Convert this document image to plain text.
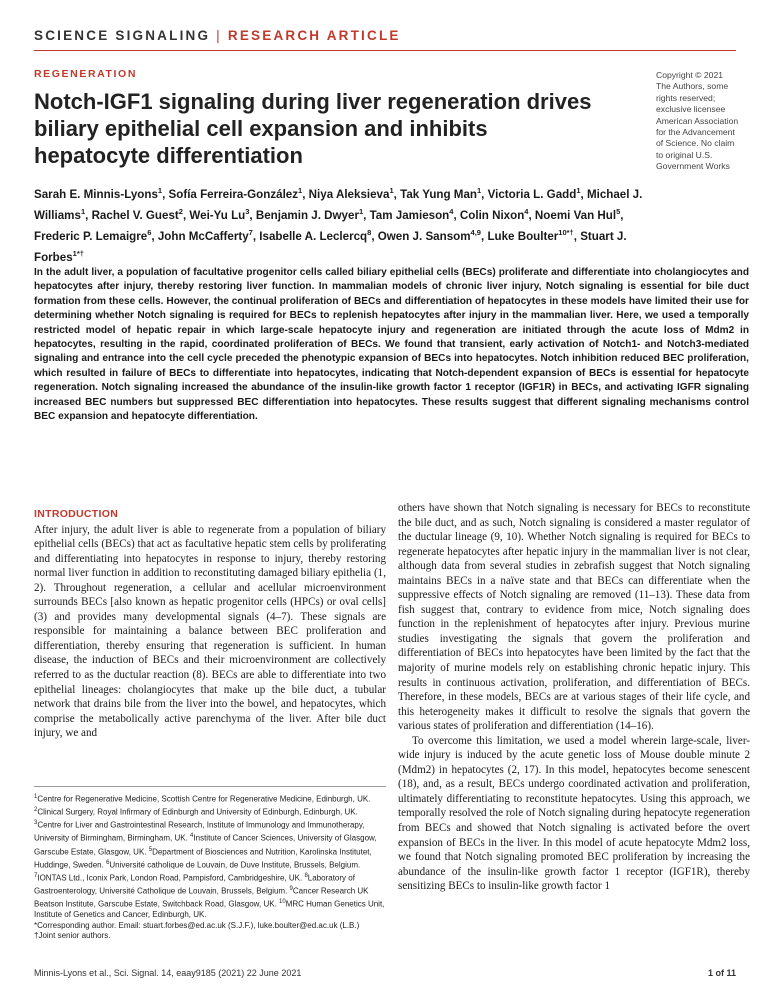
SCIENCE SIGNALING | RESEARCH ARTICLE
REGENERATION	Copyright © 2021
The Authors, some
rights reserved;
exclusive licensee
American Association
for the Advancement
of Science. No claim
to original U.S.
Government Works
Notch-IGF1 signaling during liver regeneration drives
biliary epithelial cell expansion and inhibits
hepatocyte differentiation
Sarah E. Minnis-Lyons$^1$, Sofía Ferreira-González$^1$, Niya Aleksieva$^1$, Tak Yung Man$^1$, Victoria L. Gadd$^1$, Michael J. Williams$^1$, Rachel V. Guest$^2$, Wei-Yu Lu$^3$, Benjamin J. Dwyer$^1$, Tam Jamieson$^4$, Colin Nixon$^4$, Noemi Van Hul$^5$, Frederic P. Lemaigre$^6$, John McCafferty$^7$, Isabelle A. Leclercq$^8$, Owen J. Sansom$^{4,9}$, Luke Boulter$^{10*\dagger}$, Stuart J. Forbes$^{1*\dagger}$

In the adult liver, a population of facultative progenitor cells called biliary epithelial cells (BECs) proliferate and differentiate into cholangiocytes and hepatocytes after injury, thereby restoring liver function. In mammalian models of chronic liver injury, Notch signaling is essential for bile duct formation from these cells. However, the continual proliferation of BECs and differentiation of hepatocytes in these models have limited their use for determining whether Notch signaling is required for BECs to replenish hepatocytes after injury in the mammalian liver. Here, we used a temporally restricted model of hepatic repair in which large-scale hepatocyte injury and regeneration are initiated through the acute loss of Mdm2 in hepatocytes, resulting in the rapid, coordinated proliferation of BECs. We found that transient, early activation of Notch1- and Notch3-mediated signaling and entrance into the cell cycle preceded the phenotypic expansion of BECs into hepatocytes. Notch inhibition reduced BEC proliferation, which resulted in failure of BECs to differentiate into hepatocytes, indicating that Notch-dependent expansion of BECs is essential for hepatocyte regeneration. Notch signaling increased the abundance of the insulin-like growth factor 1 receptor (IGF1R) in BECs, and activating IGFR signaling increased BEC numbers but suppressed BEC differentiation into hepatocytes. These results suggest that different signaling mechanisms control BEC expansion and hepatocyte differentiation.

INTRODUCTION

After injury, the adult liver is able to regenerate from a population of biliary epithelial cells (BECs) that act as facultative hepatic stem cells by proliferating and differentiating into hepatocytes in response to injury, thereby restoring normal liver function in addition to reconstituting damaged biliary epithelia (1, 2). Throughout regeneration, a cellular and acellular microenvironment surrounds BECs [also known as hepatic progenitor cells (HPCs) or oval cells] (3) and provides many developmental signals (4–7). These signals are responsible for maintaining a balance between BEC proliferation and differentiation, thereby ensuring that regeneration is sufficient. In human disease, the induction of BECs and their microenvironment are collectively referred to as the ductular reaction (8). BECs are able to differentiate into two epithelial lineages: cholangiocytes that make up the bile duct, a tubular network that drains bile from the liver into the bowel, and hepatocytes, which comprise the metabolically active parenchyma of the liver. After bile duct injury, we and

$^1$Centre for Regenerative Medicine, Scottish Centre for Regenerative Medicine, Edinburgh, UK. $^2$Clinical Surgery, Royal Infirmary of Edinburgh and University of Edinburgh, Edinburgh, UK. $^3$Centre for Liver and Gastrointestinal Research, Institute of Immunology and Immunotherapy, University of Birmingham, Birmingham, UK. $^4$Institute of Cancer Sciences, University of Glasgow, Garscube Estate, Glasgow, UK. $^5$Department of Biosciences and Nutrition, Karolinska Institutet, Huddinge, Sweden. $^6$Université catholique de Louvain, de Duve Institute, Brussels, Belgium. $^7$IONTAS Ltd., Iconix Park, London Road, Pampisford, Cambridgeshire, UK. $^8$Laboratory of Gastroenterology, Université Catholique de Louvain, Brussels, Belgium. $^9$Cancer Research UK Beatson Institute, Garscube Estate, Switchback Road, Glasgow, UK. $^{10}$MRC Human Genetics Unit, Institute of Genetics and Cancer, Edinburgh, UK.
*Corresponding author. Email: stuart.forbes@ed.ac.uk (S.J.F.), luke.boulter@ed.ac.uk (L.B.)
†Joint senior authors.

others have shown that Notch signaling is necessary for BECs to reconstitute the bile duct, and as such, Notch signaling is considered a master regulator of the ductular lineage (9, 10). Whether Notch signaling is required for BECs to regenerate hepatocytes after hepatic injury in the mammalian liver is not clear, although data from several studies in zebrafish suggest that Notch signaling maintains BECs in a naïve state and that BECs can differentiate when the suppressive effects of Notch signaling are removed (11–13). These data from fish suggest that, contrary to evidence from mice, Notch signaling does function in the replenishment of hepatocytes after injury. Previous murine studies investigating the signals that govern the proliferation and differentiation of BECs into hepatocytes have been limited by the fact that the majority of murine models rely on establishing chronic hepatic injury. This results in continuous activation, proliferation, and differentiation of BECs. Therefore, in these models, BECs are at various stages of their life cycle, and this heterogeneity makes it difficult to resolve the signals that govern the various states of proliferation and differentiation (14–16).

To overcome this limitation, we used a model wherein large-scale, liver-wide injury is induced by the acute genetic loss of Mouse double minute 2 (Mdm2) in hepatocytes (2, 17). In this model, hepatocytes become senescent (18), and, as a result, BECs undergo coordinated activation and proliferation, ultimately differentiating to reconstitute hepatocytes. Using this approach, we temporally resolved the role of Notch signaling during hepatocyte regeneration from BECs and showed that Notch signaling is activated before the overt expansion of BECs in the liver. In this model of acute hepatocyte Mdm2 loss, we found that Notch signaling promoted BEC proliferation by increasing the abundance of the insulin-like growth factor 1 receptor (IGF1R), thereby sensitizing BECs to insulin-like growth factor 1

Minnis-Lyons et al., Sci. Signal. 14, eaay9185 (2021) 22 June 2021	1 of 11
